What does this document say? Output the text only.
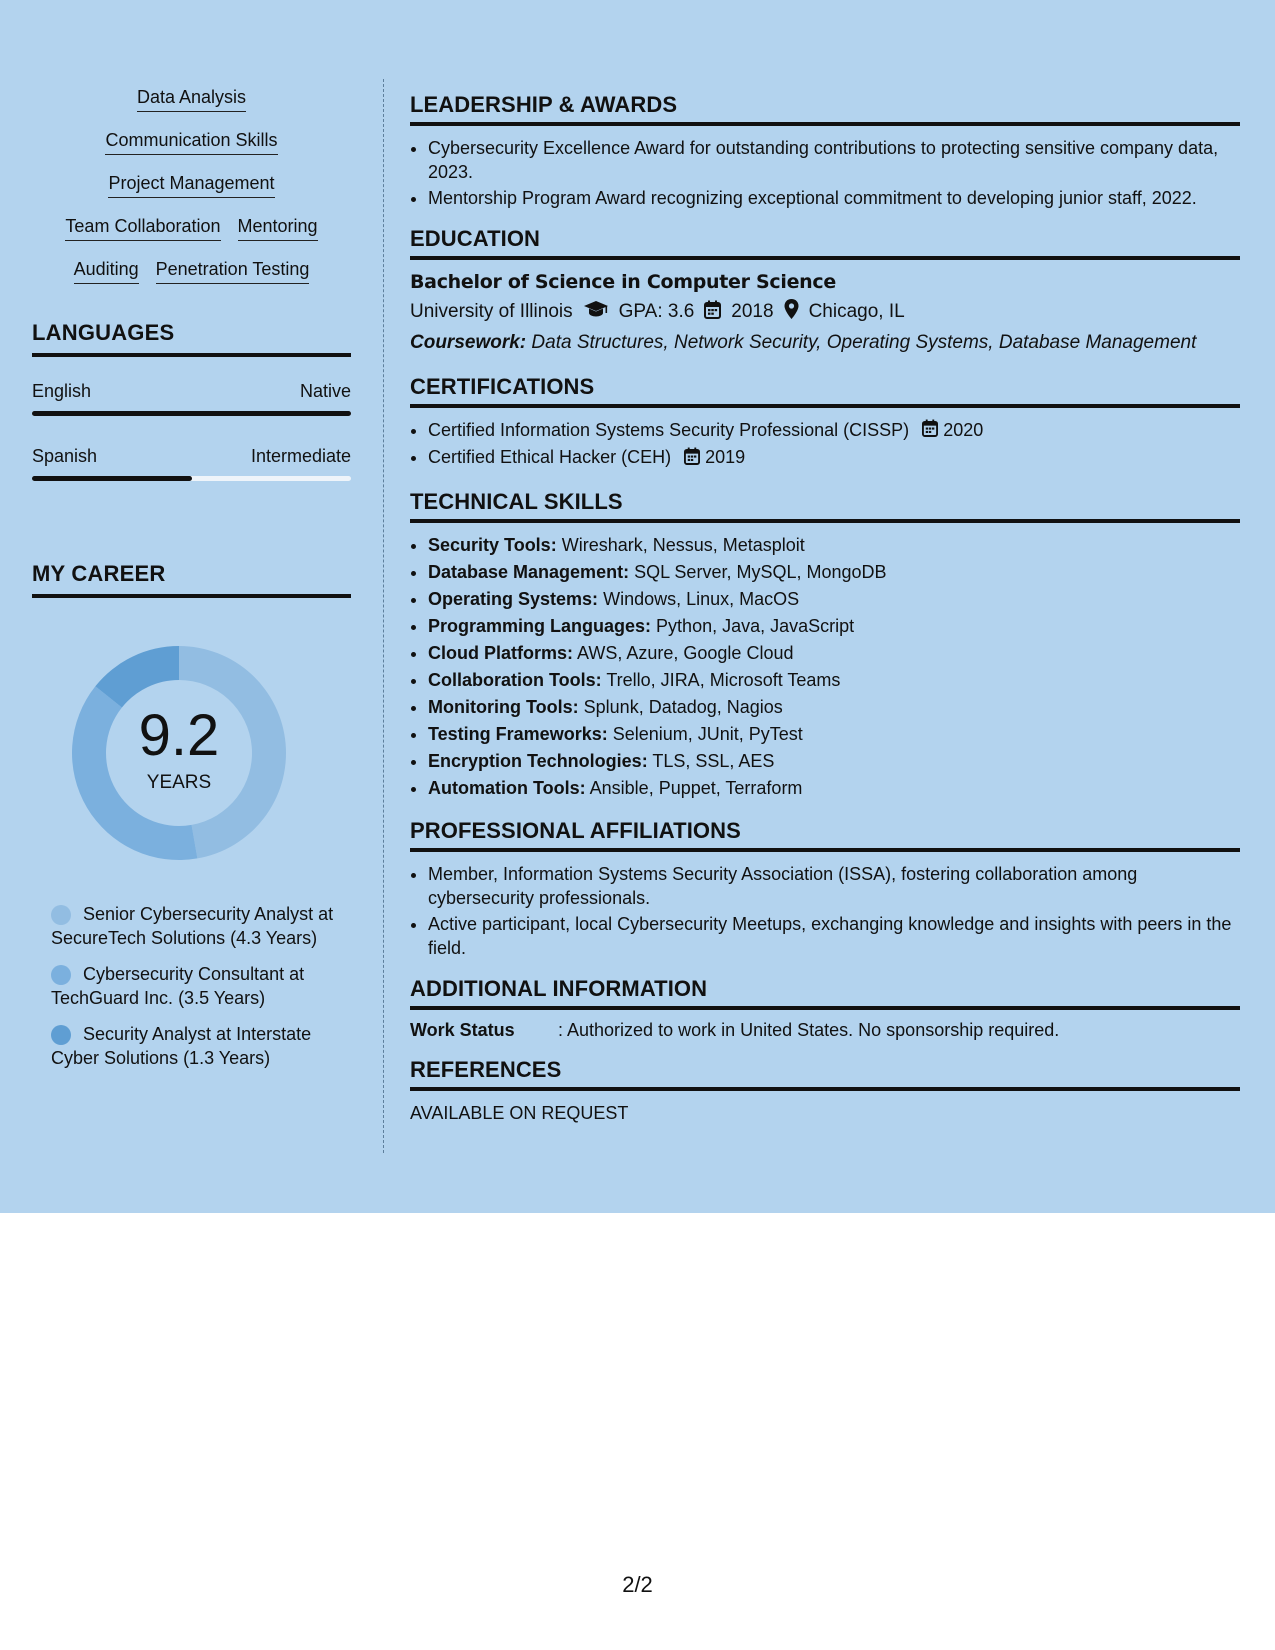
Data Analysis
Communication Skills
Project Management
Team Collaboration Mentoring
Auditing Penetration Testing
LANGUAGES
English	Native
Spanish	Intermediate
MY CAREER
9.2
YEARS
Senior Cybersecurity Analyst at SecureTech Solutions (4.3 Years)
Cybersecurity Consultant at TechGuard Inc. (3.5 Years)
Security Analyst at Interstate Cyber Solutions (1.3 Years)
LEADERSHIP & AWARDS
• Cybersecurity Excellence Award for outstanding contributions to protecting sensitive company data, 2023.
• Mentorship Program Award recognizing exceptional commitment to developing junior staff, 2022.
EDUCATION
Bachelor of Science in Computer Science
University of Illinois GPA: 3.6 2018 Chicago, IL
Coursework: Data Structures, Network Security, Operating Systems, Database Management
CERTIFICATIONS
• Certified Information Systems Security Professional (CISSP) 2020
• Certified Ethical Hacker (CEH) 2019
TECHNICAL SKILLS
• Security Tools: Wireshark, Nessus, Metasploit
• Database Management: SQL Server, MySQL, MongoDB
• Operating Systems: Windows, Linux, MacOS
• Programming Languages: Python, Java, JavaScript
• Cloud Platforms: AWS, Azure, Google Cloud
• Collaboration Tools: Trello, JIRA, Microsoft Teams
• Monitoring Tools: Splunk, Datadog, Nagios
• Testing Frameworks: Selenium, JUnit, PyTest
• Encryption Technologies: TLS, SSL, AES
• Automation Tools: Ansible, Puppet, Terraform
PROFESSIONAL AFFILIATIONS
• Member, Information Systems Security Association (ISSA), fostering collaboration among cybersecurity professionals.
• Active participant, local Cybersecurity Meetups, exchanging knowledge and insights with peers in the field.
ADDITIONAL INFORMATION
Work Status	: Authorized to work in United States. No sponsorship required.
REFERENCES
AVAILABLE ON REQUEST
2/2
